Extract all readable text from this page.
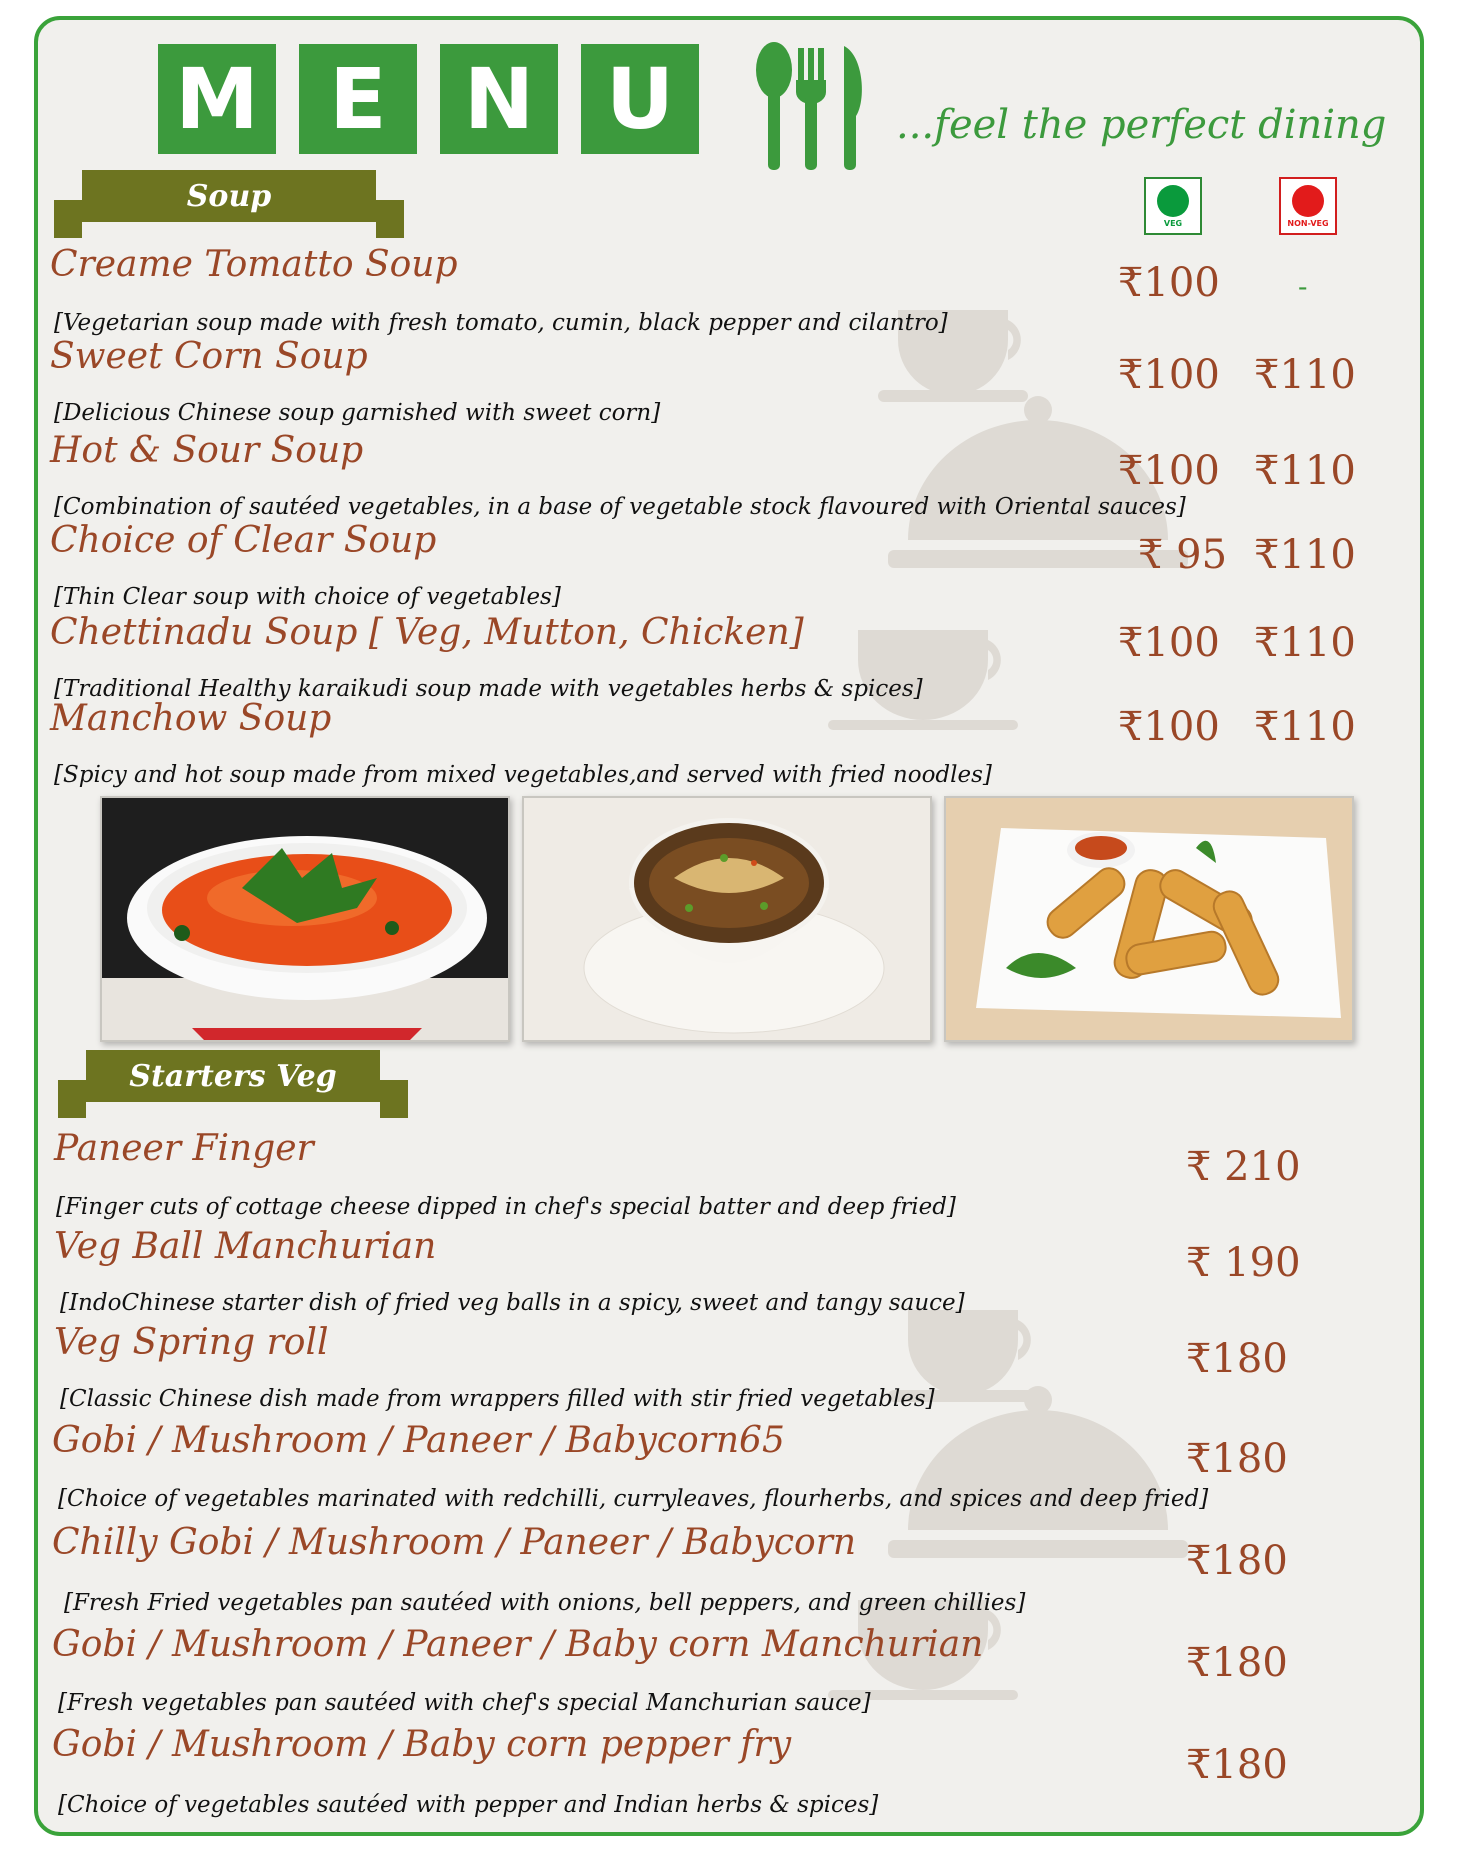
M E N U	...feel the perfect dining
Soup
VEG	NON-VEG
Creame Tomatto Soup
[Vegetarian soup made with fresh tomato, cumin, black pepper and cilantro]
₹100	-
Sweet Corn Soup
[Delicious Chinese soup garnished with sweet corn]
₹100 ₹110
Hot & Sour Soup
[Combination of sautéed vegetables, in a base of vegetable stock flavoured with Oriental sauces]
₹100 ₹110
Choice of Clear Soup
[Thin Clear soup with choice of vegetables]
₹ 95 ₹110
Chettinadu Soup [ Veg, Mutton, Chicken]
[Traditional Healthy karaikudi soup made with vegetables herbs & spices]
₹100 ₹110
Manchow Soup
[Spicy and hot soup made from mixed vegetables,and served with fried noodles]
₹100 ₹110
Starters Veg
Paneer Finger
[Finger cuts of cottage cheese dipped in chef's special batter and deep fried]
₹ 210
Veg Ball Manchurian
[IndoChinese starter dish of fried veg balls in a spicy, sweet and tangy sauce]
₹ 190
Veg Spring roll
[Classic Chinese dish made from wrappers filled with stir fried vegetables]
₹180
Gobi / Mushroom / Paneer / Babycorn65
[Choice of vegetables marinated with redchilli, curryleaves, flourherbs, and spices and deep fried]
₹180
Chilly Gobi / Mushroom / Paneer / Babycorn
[Fresh Fried vegetables pan sautéed with onions, bell peppers, and green chillies]
₹180
Gobi / Mushroom / Paneer / Baby corn Manchurian
[Fresh vegetables pan sautéed with chef's special Manchurian sauce]
₹180
Gobi / Mushroom / Baby corn pepper fry
[Choice of vegetables sautéed with pepper and Indian herbs & spices]
₹180
